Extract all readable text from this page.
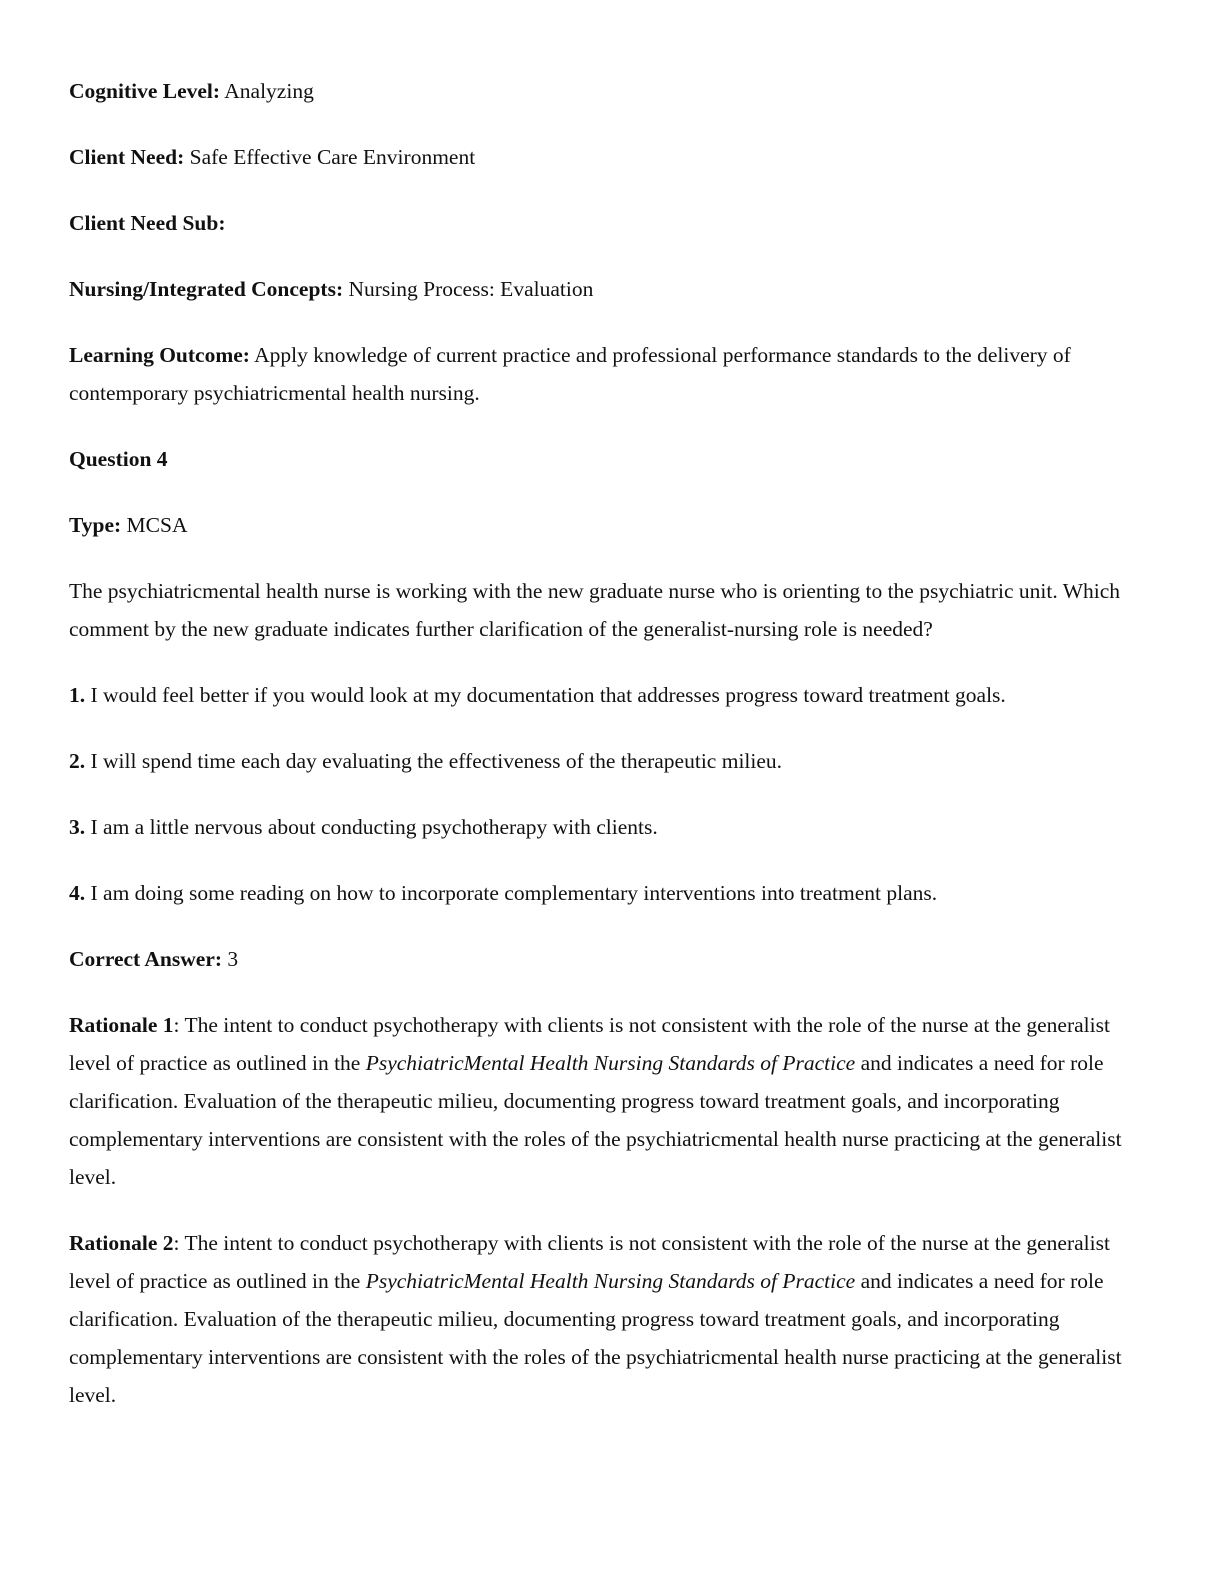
Cognitive Level: Analyzing

Client Need: Safe Effective Care Environment

Client Need Sub:

Nursing/Integrated Concepts: Nursing Process: Evaluation

Learning Outcome: Apply knowledge of current practice and professional performance standards to the delivery of contemporary psychiatricmental health nursing.

Question 4

Type: MCSA

The psychiatricmental health nurse is working with the new graduate nurse who is orienting to the psychiatric unit. Which comment by the new graduate indicates further clarification of the generalist-nursing role is needed?

1. I would feel better if you would look at my documentation that addresses progress toward treatment goals.

2. I will spend time each day evaluating the effectiveness of the therapeutic milieu.

3. I am a little nervous about conducting psychotherapy with clients.

4. I am doing some reading on how to incorporate complementary interventions into treatment plans.

Correct Answer: 3

Rationale 1: The intent to conduct psychotherapy with clients is not consistent with the role of the nurse at the generalist level of practice as outlined in the PsychiatricMental Health Nursing Standards of Practice and indicates a need for role clarification. Evaluation of the therapeutic milieu, documenting progress toward treatment goals, and incorporating complementary interventions are consistent with the roles of the psychiatricmental health nurse practicing at the generalist level.

Rationale 2: The intent to conduct psychotherapy with clients is not consistent with the role of the nurse at the generalist level of practice as outlined in the PsychiatricMental Health Nursing Standards of Practice and indicates a need for role clarification. Evaluation of the therapeutic milieu, documenting progress toward treatment goals, and incorporating complementary interventions are consistent with the roles of the psychiatricmental health nurse practicing at the generalist level.
